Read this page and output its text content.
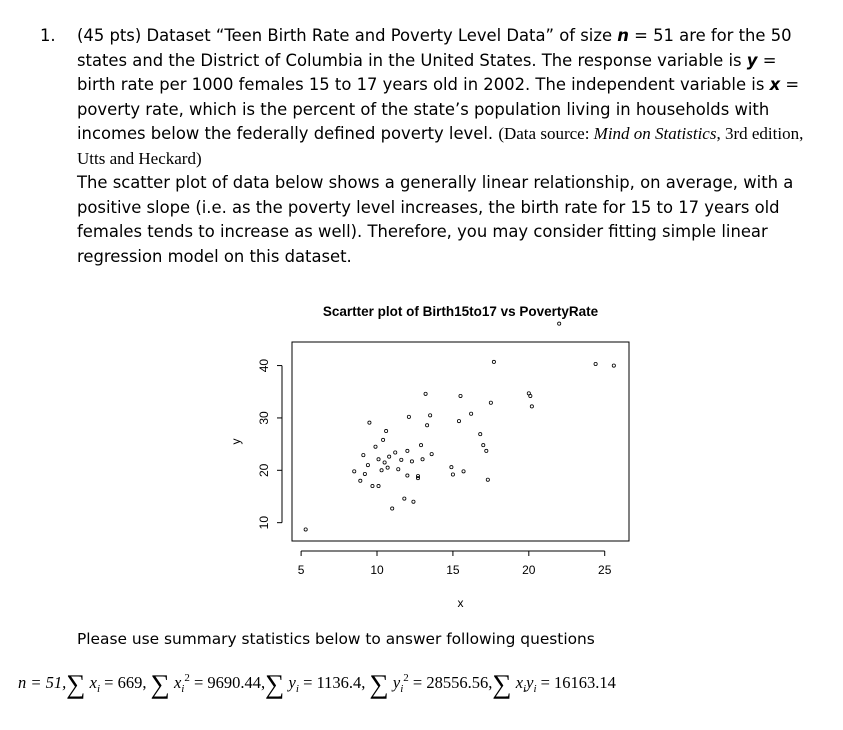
1. (45 pts) Dataset “Teen Birth Rate and Poverty Level Data” of size n = 51 are for the 50 states and the District of Columbia in the United States. The response variable is y = birth rate per 1000 females 15 to 17 years old in 2002. The independent variable is x = poverty rate, which is the percent of the state’s population living in households with incomes below the federally defined poverty level. (Data source: Mind on Statistics, 3rd edition, Utts and Heckard)
The scatter plot of data below shows a generally linear relationship, on average, with a positive slope (i.e. as the poverty level increases, the birth rate for 15 to 17 years old females tends to increase as well). Therefore, you may consider fitting simple linear regression model on this dataset.
Scartter plot of Birth15to17 vs PovertyRate
5	10	15	20	25
x
10
20
30
40
y
Please use summary statistics below to answer following questions
n = 51,∑ $x_i = 669$, ∑ $x_i^2 = 9690.44,\sum$ $y_i = 1136.4$, ∑ $y_i^2 = 28556.56,\sum$ $x_iy_i = 16163.14$
